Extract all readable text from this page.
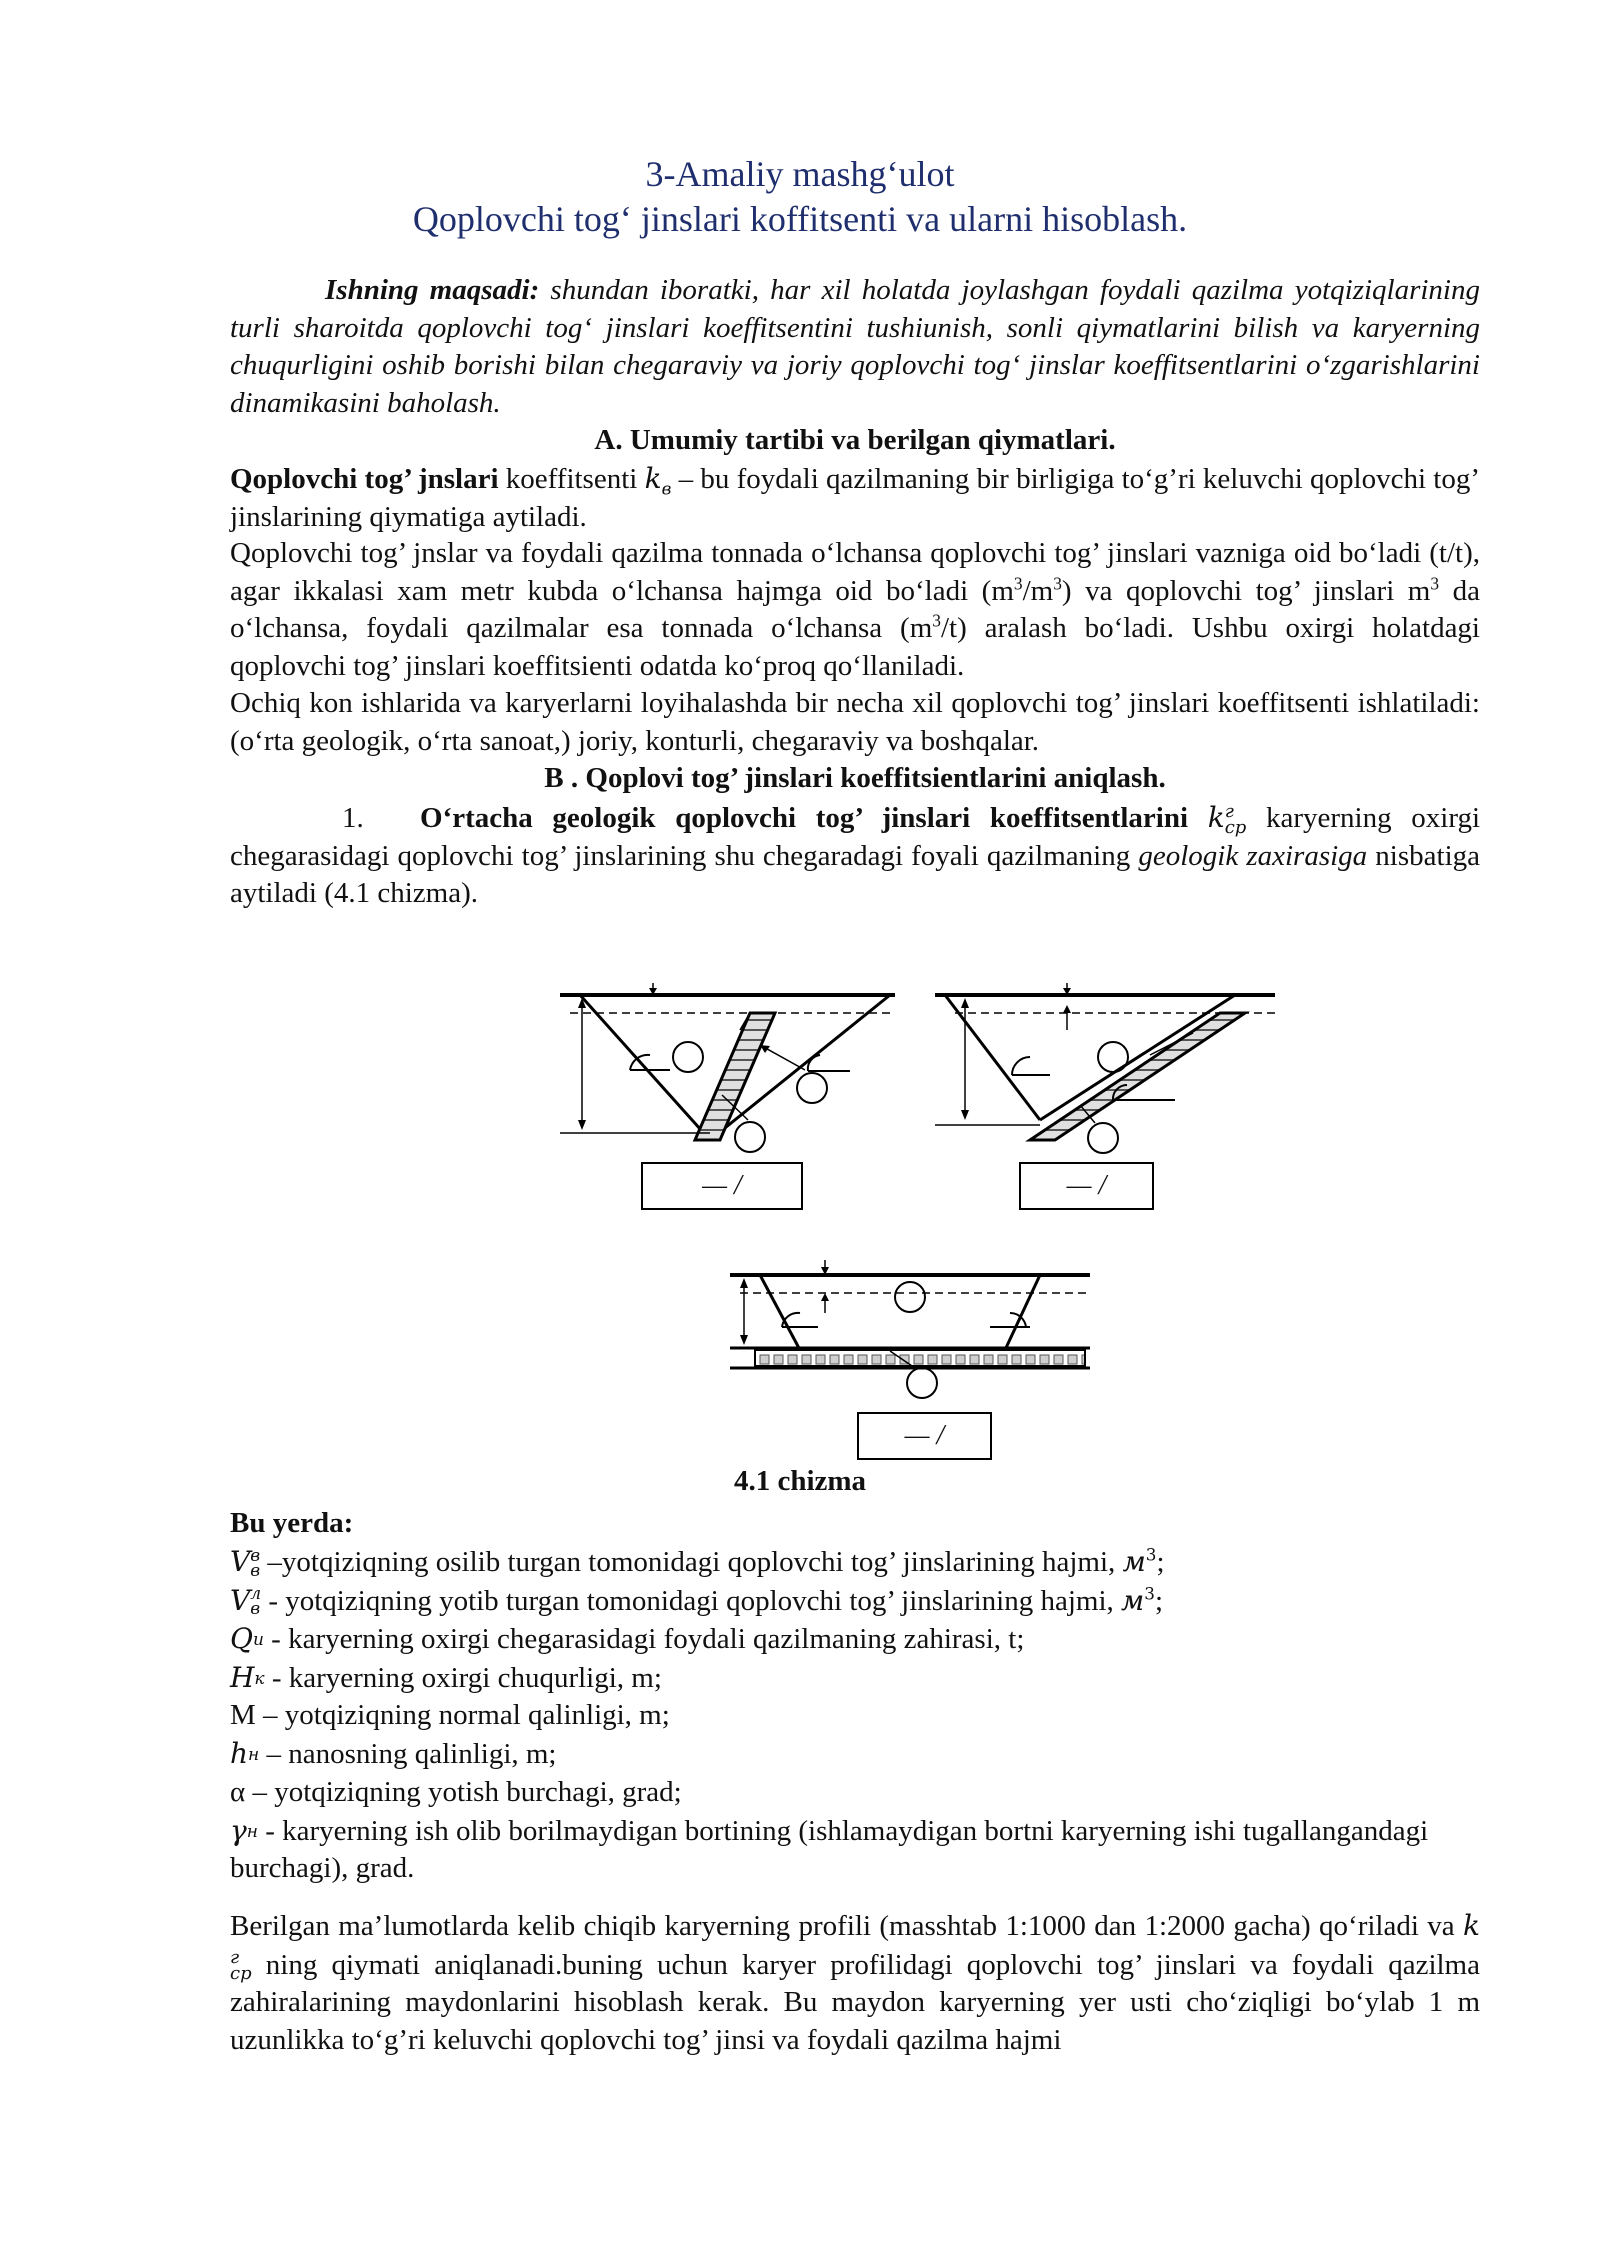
3-Amaliy mashg‘ulot
Qoplovchi tog‘ jinslari koffitsenti va ularni hisoblash.
Ishning maqsadi: shundan iboratki, har xil holatda joylashgan foydali qazilma yotqiziqlarining turli sharoitda qoplovchi tog‘ jinslari koeffitsentini tushiunish, sonli qiymatlarini bilish va karyerning chuqurligini oshib borishi bilan chegaraviy va joriy qoplovchi tog‘ jinslar koeffitsentlarini o‘zgarishlarini dinamikasini baholash.
A. Umumiy tartibi va berilgan qiymatlari.
Qoplovchi tog’ jnslari koeffitsenti $k_в$ – bu foydali qazilmaning bir birligiga to‘g’ri keluvchi qoplovchi tog’ jinslarining qiymatiga aytiladi.
Qoplovchi tog’ jnslar va foydali qazilma tonnada o‘lchansa qoplovchi tog’ jinslari vazniga oid bo‘ladi (t/t), agar ikkalasi xam metr kubda o‘lchansa hajmga oid bo‘ladi $(m^3/m^3)$ va qoplovchi tog’ jinslari $m^3$ da o‘lchansa, foydali qazilmalar esa tonnada o‘lchansa $(m^3/t)$ aralash bo‘ladi. Ushbu oxirgi holatdagi qoplovchi tog’ jinslari koeffitsienti odatda ko‘proq qo‘llaniladi.
Ochiq kon ishlarida va karyerlarni loyihalashda bir necha xil qoplovchi tog’ jinslari koeffitsenti ishlatiladi: (o‘rta geologik, o‘rta sanoat,) joriy, konturli, chegaraviy va boshqalar.
B . Qoplovi tog’ jinslari koeffitsientlarini aniqlash.
1. O‘rtacha geologik qoplovchi tog’ jinslari koeffitsentlarini k г
ср karyerning oxirgi chegarasidagi qoplovchi tog’ jinslarining shu chegaradagi foyali qazilmaning geologik zaxirasiga nisbatiga aytiladi (4.1 chizma).
— /	— /
— /
4.1 chizma
Bu yerda:
V в
в –yotqiziqning osilib turgan tomonidagi qoplovchi tog’ jinslarining hajmi, $м^3$;
V л
в - yotqiziqning yotib turgan tomonidagi qoplovchi tog’ jinslarining hajmi, $м^3$;
Q и - karyerning oxirgi chegarasidagi foydali qazilmaning zahirasi, t;
H к - karyerning oxirgi chuqurligi, m;
M – yotqiziqning normal qalinligi, m;
h н – nanosning qalinligi, m;
α – yotqiziqning yotish burchagi, grad;
γ н - karyerning ish olib borilmaydigan bortining (ishlamaydigan bortni karyerning ishi tugallangandagi burchagi), grad.
Berilgan ma’lumotlarda kelib chiqib karyerning profili (masshtab 1:1000 dan 1:2000 gacha) qo‘riladi va k
г
ср ning qiymati aniqlanadi.buning uchun karyer profilidagi qoplovchi tog’ jinslari va foydali qazilma zahiralarining maydonlarini hisoblash kerak. Bu maydon karyerning yer usti cho‘ziqligi bo‘ylab 1 m uzunlikka to‘g’ri keluvchi qoplovchi tog’ jinsi va foydali qazilma hajmi
